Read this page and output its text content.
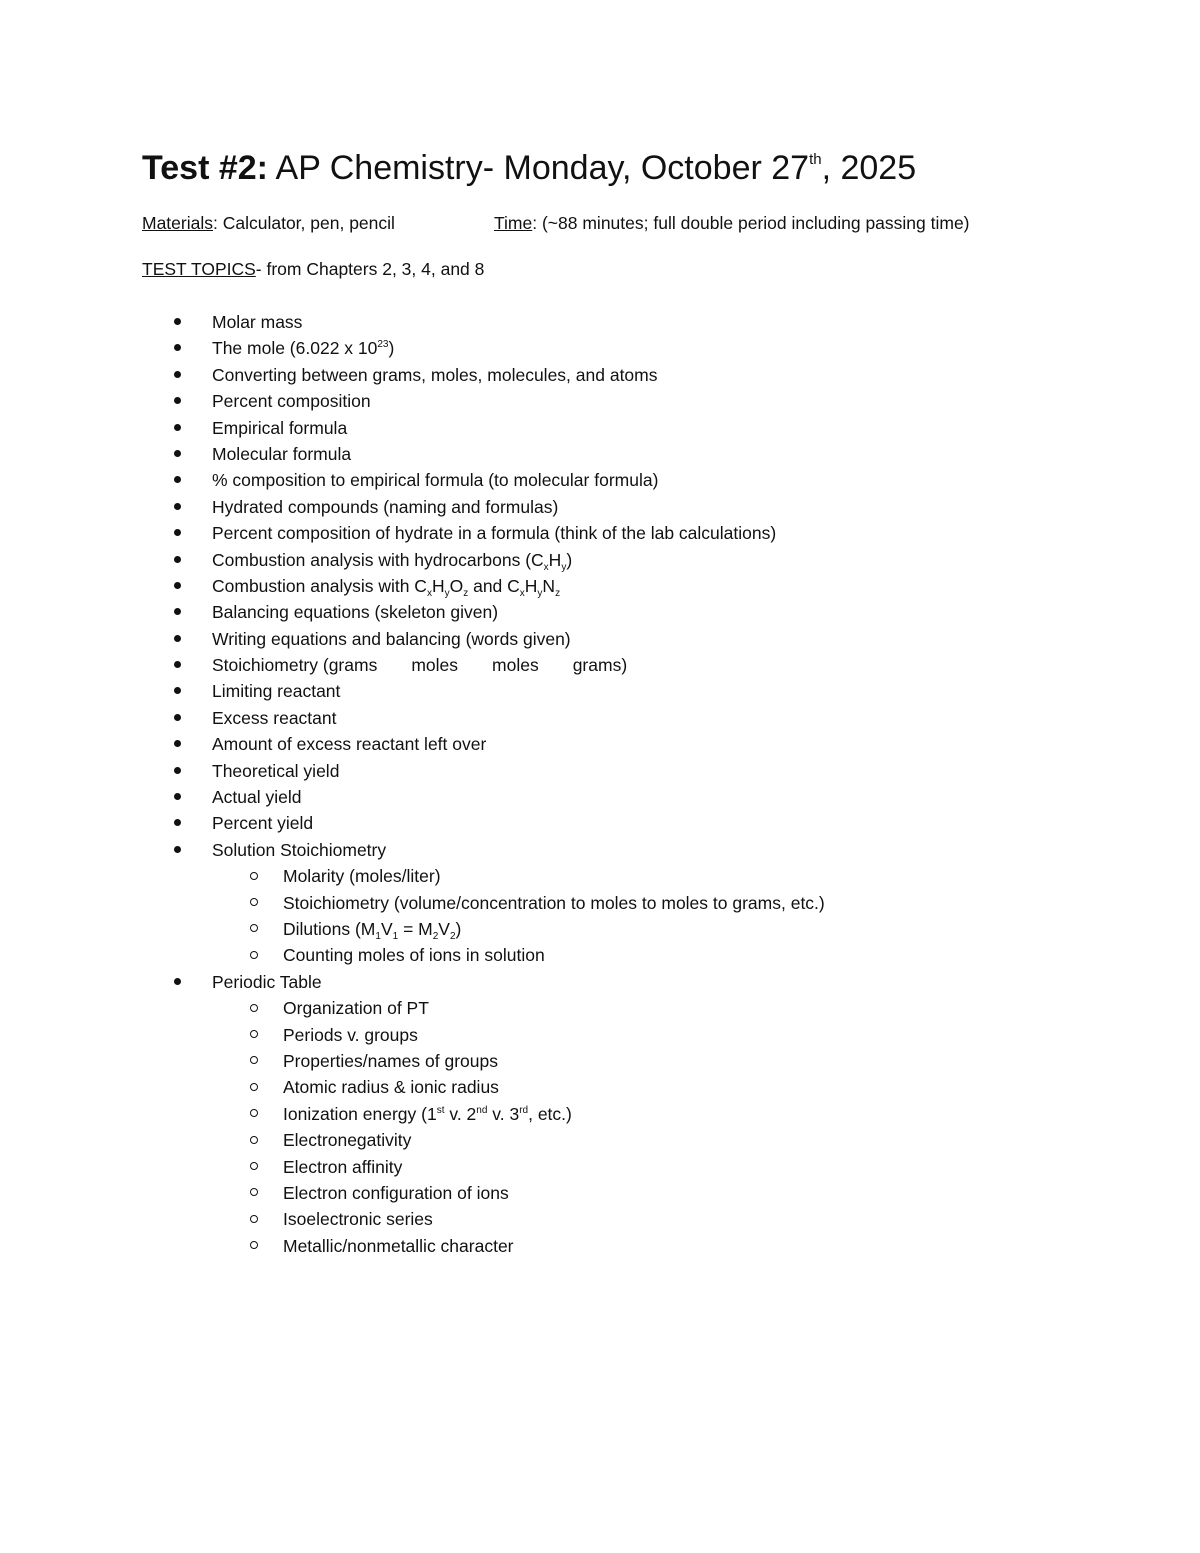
Test #2: AP Chemistry- Monday, October 27th, 2025
Materials: Calculator, pen, pencil	Time: (~88 minutes; full double period including passing time)
TEST TOPICS- from Chapters 2, 3, 4, and 8
Molar mass
The mole (6.022 x $10^{23}$)
Converting between grams, moles, molecules, and atoms
Percent composition
Empirical formula
Molecular formula
% composition to empirical formula (to molecular formula)
Hydrated compounds (naming and formulas)
Percent composition of hydrate in a formula (think of the lab calculations)
Combustion analysis with hydrocarbons $(C_xH_y)$
Combustion analysis with $C_xH_yO_z$ and $C_xH_yN_z$
Balancing equations (skeleton given)
Writing equations and balancing (words given)
Stoichiometry (grams moles moles grams)
Limiting reactant
Excess reactant
Amount of excess reactant left over
Theoretical yield
Actual yield
Percent yield
Solution Stoichiometry
Molarity (moles/liter)
Stoichiometry (volume/concentration to moles to moles to grams, etc.)
Dilutions $(M_1V_1 = M_2V_2)$
Counting moles of ions in solution
Periodic Table
Organization of PT
Periods v. groups
Properties/names of groups
Atomic radius & ionic radius
Ionization energy (1st v. 2nd v. 3rd, etc.)
Electronegativity
Electron affinity
Electron configuration of ions
Isoelectronic series
Metallic/nonmetallic character
